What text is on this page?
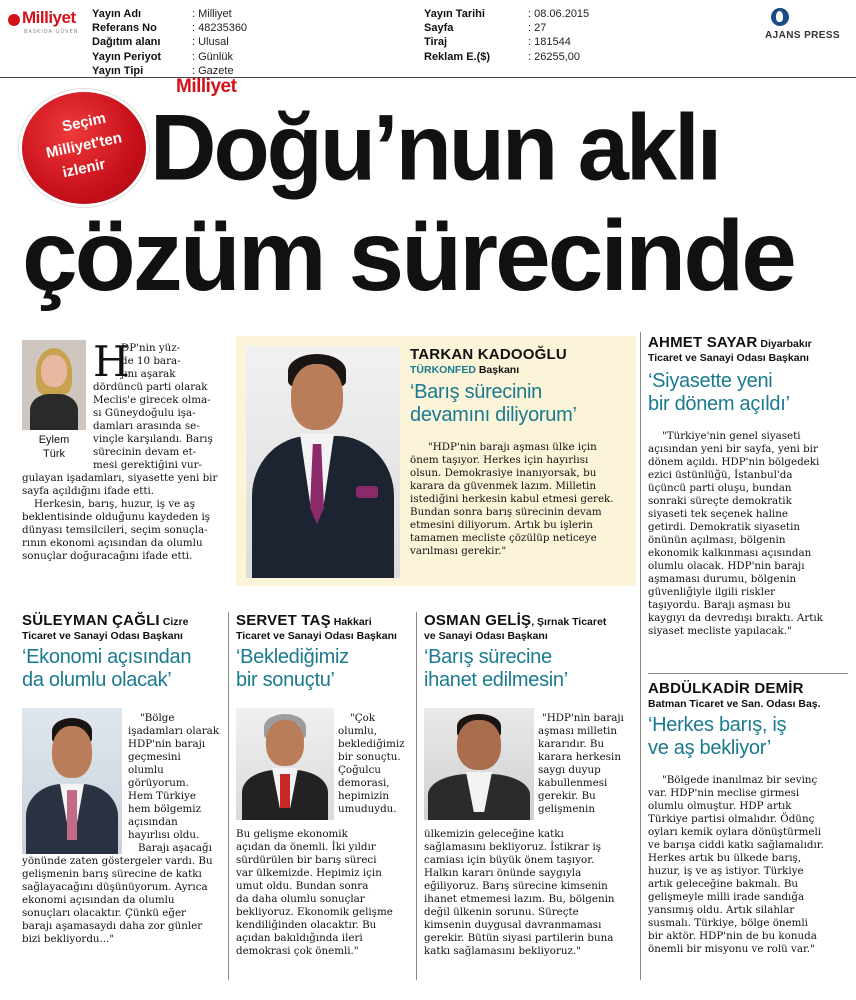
Milliyet
BASKIDA GÜVEN
Yayın Adı	: Milliyet
Referans No	: 48235360
Dağıtım alanı	: Ulusal
Yayın Periyot	: Günlük
Yayın Tipi	: Gazete
Yayın Tarihi	: 08.06.2015
Sayfa	: 27
Tiraj	: 181544
Reklam E.($)	: 26255,00
AJANS PRESS
Milliyet
Seçim
Milliyet'ten
izlenir Doğu’nun aklı
çözüm sürecinde
Eylem
Türk
H
DP'nin yüz-
de 10 bara-
jını aşarak
dördüncü parti olarak
Meclis'e girecek olma-
sı Güneydoğulu işa-
damları arasında se-
vinçle karşılandı. Barış
sürecinin devam et-
mesi gerektiğini vur-
gulayan işadamları, siyasette yeni bir
sayfa açıldığını ifade etti.
Herkesin, barış, huzur, iş ve aş
beklentisinde olduğunu kaydeden iş
dünyası temsilcileri, seçim sonuçla-
rının ekonomi açısından da olumlu
sonuçlar doğuracağını ifade etti.
TARKAN KADOOĞLU
TÜRKONFED Başkanı
‘Barış sürecinin
devamını diliyorum’
"HDP'nin barajı aşması ülke için
önem taşıyor. Herkes için hayırlısı
olsun. Demokrasiye inanıyorsak, bu
karara da güvenmek lazım. Milletin
istediğini herkesin kabul etmesi gerek.
Bundan sonra barış sürecinin devam
etmesini diliyorum. Artık bu işlerin
tamamen mecliste çözülüp neticeye
varılması gerekir."
AHMET SAYAR Diyarbakır
Ticaret ve Sanayi Odası Başkanı
‘Siyasette yeni
bir dönem açıldı’
"Türkiye'nin genel siyaseti
açısından yeni bir sayfa, yeni bir
dönem açıldı. HDP'nin bölgedeki
ezici üstünlüğü, İstanbul'da
üçüncü parti oluşu, bundan
sonraki süreçte demokratik
siyaseti tek seçenek haline
getirdi. Demokratik siyasetin
önünün açılması, bölgenin
ekonomik kalkınması açısından
olumlu olacak. HDP'nin barajı
aşmaması durumu, bölgenin
güvenliğiyle ilgili riskler
taşıyordu. Barajı aşması bu
kaygıyı da devredışı bıraktı. Artık
siyaset mecliste yapılacak."
SÜLEYMAN ÇAĞLI Cizre
Ticaret ve Sanayi Odası Başkanı
‘Ekonomi açısından
da olumlu olacak’
"Bölge
işadamları olarak
HDP'nin barajı
geçmesini
olumlu
görüyorum.
Hem Türkiye
hem bölgemiz
açısından
hayırlısı oldu.
Barajı aşacağı
yönünde zaten göstergeler vardı. Bu
gelişmenin barış sürecine de katkı
sağlayacağını düşünüyorum. Ayrıca
ekonomi açısından da olumlu
sonuçları olacaktır. Çünkü eğer
barajı aşamasaydı daha zor günler
bizi bekliyordu..."
SERVET TAŞ Hakkari
Ticaret ve Sanayi Odası Başkanı
‘Beklediğimiz
bir sonuçtu’
"Çok
olumlu,
beklediğimiz
bir sonuçtu.
Çoğulcu
demorasi,
hepimizin
umuduydu.
Bu gelişme ekonomik
açıdan da önemli. İki yıldır
sürdürülen bir barış süreci
var ülkemizde. Hepimiz için
umut oldu. Bundan sonra
da daha olumlu sonuçlar
bekliyoruz. Ekonomik gelişme
kendiliğinden olacaktır. Bu
açıdan bakıldığında ileri
demokrasi çok önemli."
OSMAN GELİŞ, Şırnak Ticaret
ve Sanayi Odası Başkanı
‘Barış sürecine
ihanet edilmesin’
"HDP'nin barajı
aşması milletin
kararıdır. Bu
karara herkesin
saygı duyup
kabullenmesi
gerekir. Bu
gelişmenin
ülkemizin geleceğine katkı
sağlamasını bekliyoruz. İstikrar iş
camiası için büyük önem taşıyor.
Halkın kararı önünde saygıyla
eğiliyoruz. Barış sürecine kimsenin
ihanet etmemesi lazım. Bu, bölgenin
değil ülkenin sorunu. Süreçte
kimsenin duygusal davranmaması
gerekir. Bütün siyasi partilerin buna
katkı sağlamasını bekliyoruz."
ABDÜLKADİR DEMİR
Batman Ticaret ve San. Odası Baş.
‘Herkes barış, iş
ve aş bekliyor’
"Bölgede inanılmaz bir sevinç
var. HDP'nin meclise girmesi
olumlu olmuştur. HDP artık
Türkiye partisi olmalıdır. Ödünç
oyları kemik oylara dönüştürmeli
ve barışa ciddi katkı sağlamalıdır.
Herkes artık bu ülkede barış,
huzur, iş ve aş istiyor. Türkiye
artık geleceğine bakmalı. Bu
gelişmeyle milli irade sandığa
yansımış oldu. Artık silahlar
susmalı. Türkiye, bölge önemli
bir aktör. HDP'nin de bu konuda
önemli bir misyonu ve rolü var."
